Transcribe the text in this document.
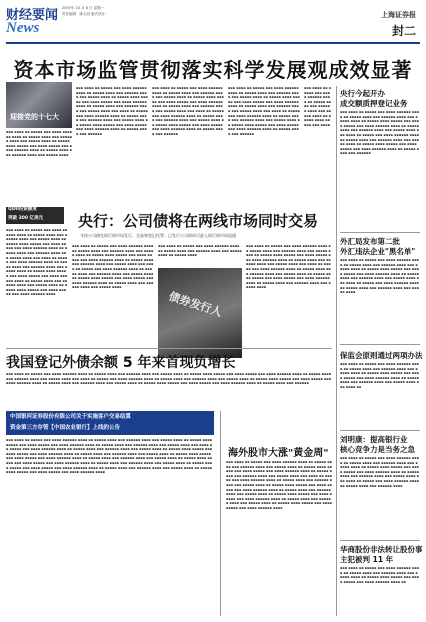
财经要闻
News
2007年 10 月 8 日 星期一
责任编辑：陈大同 版式设计：	上海证券报
封二
资本市场监管贯彻落实科学发展观成效显著
迎接党的十七大
▪▪▪ ▪▪▪▪ ▪▪ ▪▪▪▪▪ ▪▪▪ ▪▪▪▪ ▪▪▪▪▪▪ ▪▪▪▪ ▪▪ ▪▪▪▪▪ ▪▪▪▪ ▪▪▪ ▪▪▪▪▪▪ ▪▪▪▪ ▪▪▪ ▪▪▪▪▪ ▪▪▪▪ ▪▪ ▪▪▪▪▪ ▪▪▪▪ ▪▪▪▪▪ ▪▪▪ ▪▪▪▪ ▪▪▪▪▪ ▪▪▪ ▪▪▪▪ ▪▪▪▪▪▪ ▪▪▪▪ ▪▪ ▪▪▪▪▪ ▪▪▪▪ ▪▪▪ ▪▪▪▪▪▪ ▪▪▪▪ ▪▪▪ ▪▪▪▪▪ ▪▪▪▪
▪▪▪ ▪▪▪▪ ▪▪ ▪▪▪▪▪ ▪▪▪ ▪▪▪▪ ▪▪▪▪▪▪ ▪▪▪▪ ▪▪ ▪▪▪▪▪ ▪▪▪▪ ▪▪▪ ▪▪▪▪▪▪ ▪▪▪▪ ▪▪▪ ▪▪▪▪▪ ▪▪▪▪ ▪▪ ▪▪▪▪▪ ▪▪▪▪ ▪▪▪▪▪ ▪▪▪ ▪▪▪▪ ▪▪▪▪▪ ▪▪▪ ▪▪▪▪ ▪▪▪▪▪▪ ▪▪▪▪ ▪▪ ▪▪▪▪▪ ▪▪▪▪ ▪▪▪ ▪▪▪▪▪▪ ▪▪▪▪ ▪▪▪ ▪▪▪▪▪ ▪▪▪▪ ▪▪▪ ▪▪▪▪ ▪▪ ▪▪▪▪▪ ▪▪▪ ▪▪▪▪ ▪▪▪▪▪▪ ▪▪▪▪ ▪▪ ▪▪▪▪▪ ▪▪▪▪ ▪▪▪ ▪▪▪▪▪▪ ▪▪▪▪ ▪▪▪ ▪▪▪▪▪ ▪▪▪▪ ▪▪ ▪▪▪▪▪ ▪▪▪▪ ▪▪▪▪▪ ▪▪▪ ▪▪▪▪ ▪▪▪▪▪ ▪▪▪ ▪▪▪▪ ▪▪▪▪▪▪ ▪▪▪▪ ▪▪ ▪▪▪▪▪ ▪▪▪▪ ▪▪▪ ▪▪▪▪▪▪
▪▪▪ ▪▪▪▪ ▪▪ ▪▪▪▪▪ ▪▪▪ ▪▪▪▪ ▪▪▪▪▪▪ ▪▪▪▪ ▪▪ ▪▪▪▪▪ ▪▪▪▪ ▪▪▪ ▪▪▪▪▪▪ ▪▪▪▪ ▪▪▪ ▪▪▪▪▪ ▪▪▪▪ ▪▪ ▪▪▪▪▪ ▪▪▪▪ ▪▪▪▪▪ ▪▪▪ ▪▪▪▪ ▪▪▪▪▪ ▪▪▪ ▪▪▪▪ ▪▪▪▪▪▪ ▪▪▪▪ ▪▪ ▪▪▪▪▪ ▪▪▪▪ ▪▪▪ ▪▪▪▪▪▪ ▪▪▪▪ ▪▪▪ ▪▪▪▪▪ ▪▪▪▪ ▪▪▪ ▪▪▪▪ ▪▪ ▪▪▪▪▪ ▪▪▪ ▪▪▪▪ ▪▪▪▪▪▪ ▪▪▪▪ ▪▪ ▪▪▪▪▪ ▪▪▪▪ ▪▪▪ ▪▪▪▪▪▪ ▪▪▪▪ ▪▪▪ ▪▪▪▪▪ ▪▪▪▪ ▪▪ ▪▪▪▪▪ ▪▪▪▪ ▪▪▪▪▪ ▪▪▪ ▪▪▪▪ ▪▪▪▪▪ ▪▪▪ ▪▪▪▪ ▪▪▪▪▪▪ ▪▪▪▪ ▪▪ ▪▪▪▪▪ ▪▪▪▪ ▪▪▪ ▪▪▪▪▪▪
▪▪▪ ▪▪▪▪ ▪▪ ▪▪▪▪▪ ▪▪▪ ▪▪▪▪ ▪▪▪▪▪▪ ▪▪▪▪ ▪▪ ▪▪▪▪▪ ▪▪▪▪ ▪▪▪ ▪▪▪▪▪▪ ▪▪▪▪ ▪▪▪ ▪▪▪▪▪ ▪▪▪▪ ▪▪ ▪▪▪▪▪ ▪▪▪▪ ▪▪▪▪▪ ▪▪▪ ▪▪▪▪ ▪▪▪▪▪ ▪▪▪ ▪▪▪▪ ▪▪▪▪▪▪ ▪▪▪▪ ▪▪ ▪▪▪▪▪ ▪▪▪▪ ▪▪▪ ▪▪▪▪▪▪ ▪▪▪▪ ▪▪▪ ▪▪▪▪▪ ▪▪▪▪ ▪▪▪ ▪▪▪▪ ▪▪ ▪▪▪▪▪ ▪▪▪ ▪▪▪▪ ▪▪▪▪▪▪ ▪▪▪▪ ▪▪ ▪▪▪▪▪ ▪▪▪▪ ▪▪▪ ▪▪▪▪▪▪ ▪▪▪▪ ▪▪▪ ▪▪▪▪▪ ▪▪▪▪ ▪▪ ▪▪▪▪▪ ▪▪▪▪ ▪▪▪▪▪ ▪▪▪ ▪▪▪▪ ▪▪▪▪▪ ▪▪▪ ▪▪▪▪ ▪▪▪▪▪▪ ▪▪▪▪ ▪▪ ▪▪▪▪▪ ▪▪▪▪ ▪▪▪ ▪▪▪▪▪▪
▪▪▪ ▪▪▪▪ ▪▪ ▪▪▪▪▪ ▪▪▪ ▪▪▪▪ ▪▪▪▪▪▪ ▪▪▪▪ ▪▪ ▪▪▪▪▪ ▪▪▪▪ ▪▪▪ ▪▪▪▪▪▪ ▪▪▪▪ ▪▪▪ ▪▪▪▪▪ ▪▪▪▪ ▪▪ ▪▪▪▪▪ ▪▪▪▪ ▪▪▪▪▪ ▪▪▪ ▪▪▪▪
央行今起开办
成交额质押登记业务
▪▪▪ ▪▪▪▪ ▪▪ ▪▪▪▪▪ ▪▪▪ ▪▪▪▪ ▪▪▪▪▪▪ ▪▪▪▪ ▪▪ ▪▪▪▪▪ ▪▪▪▪ ▪▪▪ ▪▪▪▪▪▪ ▪▪▪▪ ▪▪▪ ▪▪▪▪▪ ▪▪▪▪ ▪▪ ▪▪▪▪▪ ▪▪▪▪ ▪▪▪▪▪ ▪▪▪ ▪▪▪▪ ▪▪▪▪▪ ▪▪▪ ▪▪▪▪ ▪▪▪▪▪▪ ▪▪▪▪ ▪▪ ▪▪▪▪▪ ▪▪▪▪ ▪▪▪ ▪▪▪▪▪▪ ▪▪▪▪ ▪▪▪ ▪▪▪▪▪ ▪▪▪▪ ▪▪▪ ▪▪▪▪ ▪▪ ▪▪▪▪▪ ▪▪▪ ▪▪▪▪ ▪▪▪▪▪▪ ▪▪▪▪ ▪▪ ▪▪▪▪▪ ▪▪▪▪ ▪▪▪ ▪▪▪▪▪▪ ▪▪▪▪ ▪▪▪ ▪▪▪▪▪ ▪▪▪▪ ▪▪ ▪▪▪▪▪ ▪▪▪▪ ▪▪▪▪▪ ▪▪▪ ▪▪▪▪ ▪▪▪▪▪ ▪▪▪ ▪▪▪▪ ▪▪▪▪▪▪ ▪▪▪▪ ▪▪ ▪▪▪▪▪ ▪▪▪▪ ▪▪▪ ▪▪▪▪▪▪
QDII投资额度
突破 300 亿美元
▪▪▪ ▪▪▪▪ ▪▪ ▪▪▪▪▪ ▪▪▪ ▪▪▪▪ ▪▪▪▪▪▪ ▪▪▪▪ ▪▪ ▪▪▪▪▪ ▪▪▪▪ ▪▪▪ ▪▪▪▪▪▪ ▪▪▪▪ ▪▪▪ ▪▪▪▪▪ ▪▪▪▪ ▪▪ ▪▪▪▪▪ ▪▪▪▪ ▪▪▪▪▪ ▪▪▪ ▪▪▪▪ ▪▪▪▪▪ ▪▪▪ ▪▪▪▪ ▪▪▪▪▪▪ ▪▪▪▪ ▪▪ ▪▪▪▪▪ ▪▪▪▪ ▪▪▪ ▪▪▪▪▪▪ ▪▪▪▪ ▪▪▪ ▪▪▪▪▪ ▪▪▪▪ ▪▪▪ ▪▪▪▪ ▪▪ ▪▪▪▪▪ ▪▪▪ ▪▪▪▪ ▪▪▪▪▪▪ ▪▪▪▪ ▪▪ ▪▪▪▪▪ ▪▪▪▪ ▪▪▪ ▪▪▪▪▪▪ ▪▪▪▪ ▪▪▪ ▪▪▪▪▪ ▪▪▪▪ ▪▪ ▪▪▪▪▪ ▪▪▪▪ ▪▪▪▪▪ ▪▪▪ ▪▪▪▪ ▪▪▪▪▪ ▪▪▪ ▪▪▪▪ ▪▪▪▪▪▪ ▪▪▪▪ ▪▪ ▪▪▪▪▪ ▪▪▪▪ ▪▪▪ ▪▪▪▪▪▪ ▪▪▪▪ ▪▪▪ ▪▪▪▪▪ ▪▪▪▪ ▪▪ ▪▪▪▪▪ ▪▪▪▪ ▪▪▪▪▪ ▪▪▪ ▪▪▪▪ ▪▪▪▪▪ ▪▪▪ ▪▪▪▪ ▪▪▪▪▪▪ ▪▪▪▪
央行：公司债将在两线市场同时交易
支持公司债在银行间市场发行，交易和登记托管；已发行公司债尚可进入银行间市场流通
▪▪▪ ▪▪▪▪ ▪▪ ▪▪▪▪▪ ▪▪▪ ▪▪▪▪ ▪▪▪▪▪▪ ▪▪▪▪ ▪▪ ▪▪▪▪▪ ▪▪▪▪ ▪▪▪ ▪▪▪▪▪▪ ▪▪▪▪ ▪▪▪ ▪▪▪▪▪ ▪▪▪▪ ▪▪ ▪▪▪▪▪ ▪▪▪▪ ▪▪▪▪▪ ▪▪▪ ▪▪▪▪ ▪▪▪▪▪ ▪▪▪ ▪▪▪▪ ▪▪▪▪▪▪ ▪▪▪▪ ▪▪ ▪▪▪▪▪ ▪▪▪▪ ▪▪▪ ▪▪▪▪▪▪ ▪▪▪▪ ▪▪▪ ▪▪▪▪▪ ▪▪▪▪ ▪▪▪ ▪▪▪▪ ▪▪ ▪▪▪▪▪ ▪▪▪ ▪▪▪▪ ▪▪▪▪▪▪ ▪▪▪▪ ▪▪ ▪▪▪▪▪ ▪▪▪▪ ▪▪▪ ▪▪▪▪▪▪ ▪▪▪▪ ▪▪▪ ▪▪▪▪▪ ▪▪▪▪ ▪▪ ▪▪▪▪▪ ▪▪▪▪ ▪▪▪▪▪ ▪▪▪ ▪▪▪▪ ▪▪▪▪▪ ▪▪▪ ▪▪▪▪ ▪▪▪▪▪▪ ▪▪▪▪ ▪▪ ▪▪▪▪▪ ▪▪▪▪ ▪▪▪ ▪▪▪▪▪▪ ▪▪▪▪ ▪▪▪ ▪▪▪▪▪ ▪▪▪▪
债券发行人
▪▪▪ ▪▪▪▪ ▪▪ ▪▪▪▪▪ ▪▪▪ ▪▪▪▪ ▪▪▪▪▪▪ ▪▪▪▪ ▪▪ ▪▪▪▪▪ ▪▪▪▪ ▪▪▪ ▪▪▪▪▪▪ ▪▪▪▪ ▪▪▪ ▪▪▪▪▪ ▪▪▪▪ ▪▪ ▪▪▪▪▪ ▪▪▪▪
▪▪▪ ▪▪▪▪ ▪▪ ▪▪▪▪▪ ▪▪▪ ▪▪▪▪ ▪▪▪▪▪▪ ▪▪▪▪ ▪▪ ▪▪▪▪▪ ▪▪▪▪ ▪▪▪ ▪▪▪▪▪▪ ▪▪▪▪ ▪▪▪ ▪▪▪▪▪ ▪▪▪▪ ▪▪ ▪▪▪▪▪ ▪▪▪▪ ▪▪▪▪▪ ▪▪▪ ▪▪▪▪ ▪▪▪▪▪ ▪▪▪ ▪▪▪▪ ▪▪▪▪▪▪ ▪▪▪▪ ▪▪ ▪▪▪▪▪ ▪▪▪▪ ▪▪▪ ▪▪▪▪▪▪ ▪▪▪▪ ▪▪▪ ▪▪▪▪▪ ▪▪▪▪ ▪▪▪ ▪▪▪▪ ▪▪ ▪▪▪▪▪ ▪▪▪ ▪▪▪▪ ▪▪▪▪▪▪ ▪▪▪▪ ▪▪ ▪▪▪▪▪ ▪▪▪▪ ▪▪▪ ▪▪▪▪▪▪ ▪▪▪▪ ▪▪▪ ▪▪▪▪▪ ▪▪▪▪ ▪▪ ▪▪▪▪▪ ▪▪▪▪ ▪▪▪▪▪ ▪▪▪ ▪▪▪▪ ▪▪▪▪▪ ▪▪▪ ▪▪▪▪ ▪▪▪▪▪▪ ▪▪▪▪ ▪▪ ▪▪▪▪▪ ▪▪▪▪ ▪▪▪ ▪▪▪▪▪▪ ▪▪▪▪ ▪▪▪ ▪▪▪▪▪ ▪▪▪▪
外汇局发布第二批
外汇违法企业"黑名单"
▪▪▪ ▪▪▪▪ ▪▪ ▪▪▪▪▪ ▪▪▪ ▪▪▪▪ ▪▪▪▪▪▪ ▪▪▪▪ ▪▪ ▪▪▪▪▪ ▪▪▪▪ ▪▪▪ ▪▪▪▪▪▪ ▪▪▪▪ ▪▪▪ ▪▪▪▪▪ ▪▪▪▪ ▪▪ ▪▪▪▪▪ ▪▪▪▪ ▪▪▪▪▪ ▪▪▪ ▪▪▪▪ ▪▪▪▪▪ ▪▪▪ ▪▪▪▪ ▪▪▪▪▪▪ ▪▪▪▪ ▪▪ ▪▪▪▪▪ ▪▪▪▪ ▪▪▪ ▪▪▪▪▪▪ ▪▪▪▪ ▪▪▪ ▪▪▪▪▪ ▪▪▪▪ ▪▪▪ ▪▪▪▪ ▪▪ ▪▪▪▪▪ ▪▪▪ ▪▪▪▪ ▪▪▪▪▪▪ ▪▪▪▪ ▪▪ ▪▪▪▪▪ ▪▪▪▪ ▪▪▪ ▪▪▪▪▪▪ ▪▪▪▪ ▪▪▪ ▪▪▪▪▪ ▪▪▪▪
保监会原则通过两项办法
▪▪▪ ▪▪▪▪ ▪▪ ▪▪▪▪▪ ▪▪▪ ▪▪▪▪ ▪▪▪▪▪▪ ▪▪▪▪ ▪▪ ▪▪▪▪▪ ▪▪▪▪ ▪▪▪ ▪▪▪▪▪▪ ▪▪▪▪ ▪▪▪ ▪▪▪▪▪ ▪▪▪▪ ▪▪ ▪▪▪▪▪ ▪▪▪▪ ▪▪▪▪▪ ▪▪▪ ▪▪▪▪ ▪▪▪▪▪ ▪▪▪ ▪▪▪▪ ▪▪▪▪▪▪ ▪▪▪▪ ▪▪ ▪▪▪▪▪ ▪▪▪▪ ▪▪▪ ▪▪▪▪▪▪ ▪▪▪▪ ▪▪▪ ▪▪▪▪▪ ▪▪▪▪ ▪▪▪ ▪▪▪▪ ▪▪
刘明康：提高银行业
核心竞争力是当务之急
▪▪▪ ▪▪▪▪ ▪▪ ▪▪▪▪▪ ▪▪▪ ▪▪▪▪ ▪▪▪▪▪▪ ▪▪▪▪ ▪▪ ▪▪▪▪▪ ▪▪▪▪ ▪▪▪ ▪▪▪▪▪▪ ▪▪▪▪ ▪▪▪ ▪▪▪▪▪ ▪▪▪▪ ▪▪ ▪▪▪▪▪ ▪▪▪▪ ▪▪▪▪▪ ▪▪▪ ▪▪▪▪ ▪▪▪▪▪ ▪▪▪ ▪▪▪▪ ▪▪▪▪▪▪ ▪▪▪▪ ▪▪ ▪▪▪▪▪ ▪▪▪▪ ▪▪▪ ▪▪▪▪▪▪ ▪▪▪▪ ▪▪▪ ▪▪▪▪▪ ▪▪▪▪ ▪▪▪ ▪▪▪▪ ▪▪ ▪▪▪▪▪ ▪▪▪ ▪▪▪▪ ▪▪▪▪▪▪ ▪▪▪▪ ▪▪ ▪▪▪▪▪ ▪▪▪▪ ▪▪▪ ▪▪▪▪▪▪ ▪▪▪▪
华商股份非法转让股份事
主犯被判 11 年
▪▪▪ ▪▪▪▪ ▪▪ ▪▪▪▪▪ ▪▪▪ ▪▪▪▪ ▪▪▪▪▪▪ ▪▪▪▪ ▪▪ ▪▪▪▪▪ ▪▪▪▪ ▪▪▪ ▪▪▪▪▪▪ ▪▪▪▪ ▪▪▪ ▪▪▪▪▪ ▪▪▪▪ ▪▪ ▪▪▪▪▪ ▪▪▪▪ ▪▪▪▪▪ ▪▪▪ ▪▪▪▪ ▪▪▪▪▪ ▪▪▪ ▪▪▪▪ ▪▪▪▪▪▪ ▪▪▪▪ ▪▪
我国登记外债余额 5 年来首现负增长
▪▪▪ ▪▪▪▪ ▪▪ ▪▪▪▪▪ ▪▪▪ ▪▪▪▪ ▪▪▪▪▪▪ ▪▪▪▪ ▪▪ ▪▪▪▪▪ ▪▪▪▪ ▪▪▪ ▪▪▪▪▪▪ ▪▪▪▪ ▪▪▪ ▪▪▪▪▪ ▪▪▪▪ ▪▪ ▪▪▪▪▪ ▪▪▪▪ ▪▪▪▪▪ ▪▪▪ ▪▪▪▪ ▪▪▪▪▪ ▪▪▪ ▪▪▪▪ ▪▪▪▪▪▪ ▪▪▪▪ ▪▪ ▪▪▪▪▪ ▪▪▪▪ ▪▪▪ ▪▪▪▪▪▪ ▪▪▪▪ ▪▪▪ ▪▪▪▪▪ ▪▪▪▪ ▪▪▪ ▪▪▪▪ ▪▪ ▪▪▪▪▪ ▪▪▪ ▪▪▪▪ ▪▪▪▪▪▪ ▪▪▪▪ ▪▪ ▪▪▪▪▪ ▪▪▪▪ ▪▪▪ ▪▪▪▪▪▪ ▪▪▪▪ ▪▪▪ ▪▪▪▪▪ ▪▪▪▪ ▪▪ ▪▪▪▪▪ ▪▪▪▪ ▪▪▪▪▪ ▪▪▪ ▪▪▪▪ ▪▪▪▪▪ ▪▪▪ ▪▪▪▪ ▪▪▪▪▪▪ ▪▪▪▪ ▪▪ ▪▪▪▪▪ ▪▪▪▪ ▪▪▪ ▪▪▪▪▪▪ ▪▪▪▪ ▪▪▪ ▪▪▪▪▪ ▪▪▪▪ ▪▪ ▪▪▪▪▪ ▪▪▪▪ ▪▪▪▪▪ ▪▪▪ ▪▪▪▪ ▪▪▪▪▪ ▪▪▪ ▪▪▪▪ ▪▪▪▪▪▪ ▪▪▪▪ ▪▪ ▪▪▪▪▪ ▪▪▪▪ ▪▪▪ ▪▪▪▪▪▪
中国银河证券股份有限公司关于实施客户交易结算
资金第三方存管【中国农业银行】上线的公告
▪▪▪ ▪▪▪▪ ▪▪ ▪▪▪▪▪ ▪▪▪ ▪▪▪▪ ▪▪▪▪▪▪ ▪▪▪▪ ▪▪ ▪▪▪▪▪ ▪▪▪▪ ▪▪▪ ▪▪▪▪▪▪ ▪▪▪▪ ▪▪▪ ▪▪▪▪▪ ▪▪▪▪ ▪▪ ▪▪▪▪▪ ▪▪▪▪ ▪▪▪▪▪ ▪▪▪ ▪▪▪▪ ▪▪▪▪▪ ▪▪▪ ▪▪▪▪ ▪▪▪▪▪▪ ▪▪▪▪ ▪▪ ▪▪▪▪▪ ▪▪▪▪ ▪▪▪ ▪▪▪▪▪▪ ▪▪▪▪ ▪▪▪ ▪▪▪▪▪ ▪▪▪▪ ▪▪▪ ▪▪▪▪ ▪▪ ▪▪▪▪▪ ▪▪▪ ▪▪▪▪ ▪▪▪▪▪▪ ▪▪▪▪ ▪▪ ▪▪▪▪▪ ▪▪▪▪ ▪▪▪ ▪▪▪▪▪▪ ▪▪▪▪ ▪▪▪ ▪▪▪▪▪ ▪▪▪▪ ▪▪ ▪▪▪▪▪ ▪▪▪▪ ▪▪▪▪▪ ▪▪▪ ▪▪▪▪ ▪▪▪▪▪ ▪▪▪ ▪▪▪▪ ▪▪▪▪▪▪ ▪▪▪▪ ▪▪ ▪▪▪▪▪ ▪▪▪▪ ▪▪▪ ▪▪▪▪▪▪ ▪▪▪▪ ▪▪▪ ▪▪▪▪▪ ▪▪▪▪ ▪▪ ▪▪▪▪▪ ▪▪▪▪ ▪▪▪▪▪ ▪▪▪ ▪▪▪▪ ▪▪▪▪▪ ▪▪▪ ▪▪▪▪ ▪▪▪▪▪▪ ▪▪▪▪ ▪▪ ▪▪▪▪▪ ▪▪▪▪ ▪▪▪ ▪▪▪▪▪▪ ▪▪▪▪ ▪▪▪ ▪▪▪▪▪ ▪▪▪▪ ▪▪ ▪▪▪▪▪ ▪▪▪▪ ▪▪▪▪▪ ▪▪▪ ▪▪▪▪ ▪▪▪▪▪ ▪▪▪ ▪▪▪▪ ▪▪▪▪▪▪ ▪▪▪▪ ▪▪ ▪▪▪▪▪ ▪▪▪▪ ▪▪▪ ▪▪▪▪▪▪ ▪▪▪▪ ▪▪▪ ▪▪▪▪▪ ▪▪▪▪ ▪▪ ▪▪▪▪▪ ▪▪▪▪ ▪▪▪▪▪ ▪▪▪ ▪▪▪▪ ▪▪▪▪▪ ▪▪▪ ▪▪▪▪ ▪▪▪▪▪▪ ▪▪▪▪ ▪▪ ▪▪▪▪▪ ▪▪▪▪ ▪▪▪ ▪▪▪▪▪▪ ▪▪▪▪ ▪▪▪ ▪▪▪▪▪ ▪▪▪▪ ▪▪ ▪▪▪▪▪ ▪▪▪▪ ▪▪▪▪▪ ▪▪▪ ▪▪▪▪ ▪▪▪▪▪ ▪▪▪ ▪▪▪▪ ▪▪▪▪▪▪ ▪▪▪▪
海外股市大涨"黄金周"
▪▪▪ ▪▪▪▪ ▪▪ ▪▪▪▪▪ ▪▪▪ ▪▪▪▪ ▪▪▪▪▪▪ ▪▪▪▪ ▪▪ ▪▪▪▪▪ ▪▪▪▪ ▪▪▪ ▪▪▪▪▪▪ ▪▪▪▪ ▪▪▪ ▪▪▪▪▪ ▪▪▪▪ ▪▪ ▪▪▪▪▪ ▪▪▪▪ ▪▪▪▪▪ ▪▪▪ ▪▪▪▪ ▪▪▪▪▪ ▪▪▪ ▪▪▪▪ ▪▪▪▪▪▪ ▪▪▪▪ ▪▪ ▪▪▪▪▪ ▪▪▪▪ ▪▪▪ ▪▪▪▪▪▪ ▪▪▪▪ ▪▪▪ ▪▪▪▪▪ ▪▪▪▪ ▪▪▪ ▪▪▪▪ ▪▪ ▪▪▪▪▪ ▪▪▪ ▪▪▪▪ ▪▪▪▪▪▪ ▪▪▪▪ ▪▪ ▪▪▪▪▪ ▪▪▪▪ ▪▪▪ ▪▪▪▪▪▪ ▪▪▪▪ ▪▪▪ ▪▪▪▪▪ ▪▪▪▪ ▪▪ ▪▪▪▪▪ ▪▪▪▪ ▪▪▪▪▪ ▪▪▪ ▪▪▪▪ ▪▪▪▪▪ ▪▪▪ ▪▪▪▪ ▪▪▪▪▪▪ ▪▪▪▪ ▪▪ ▪▪▪▪▪ ▪▪▪▪ ▪▪▪ ▪▪▪▪▪▪ ▪▪▪▪ ▪▪▪ ▪▪▪▪▪ ▪▪▪▪ ▪▪ ▪▪▪▪▪ ▪▪▪▪ ▪▪▪▪▪ ▪▪▪ ▪▪▪▪ ▪▪▪▪▪ ▪▪▪ ▪▪▪▪ ▪▪▪▪▪▪ ▪▪▪▪ ▪▪ ▪▪▪▪▪ ▪▪▪▪ ▪▪▪ ▪▪▪▪▪▪ ▪▪▪▪ ▪▪▪ ▪▪▪▪▪ ▪▪▪▪ ▪▪ ▪▪▪▪▪ ▪▪▪▪ ▪▪▪▪▪ ▪▪▪ ▪▪▪▪ ▪▪▪▪▪ ▪▪▪ ▪▪▪▪ ▪▪▪▪▪▪ ▪▪▪▪
